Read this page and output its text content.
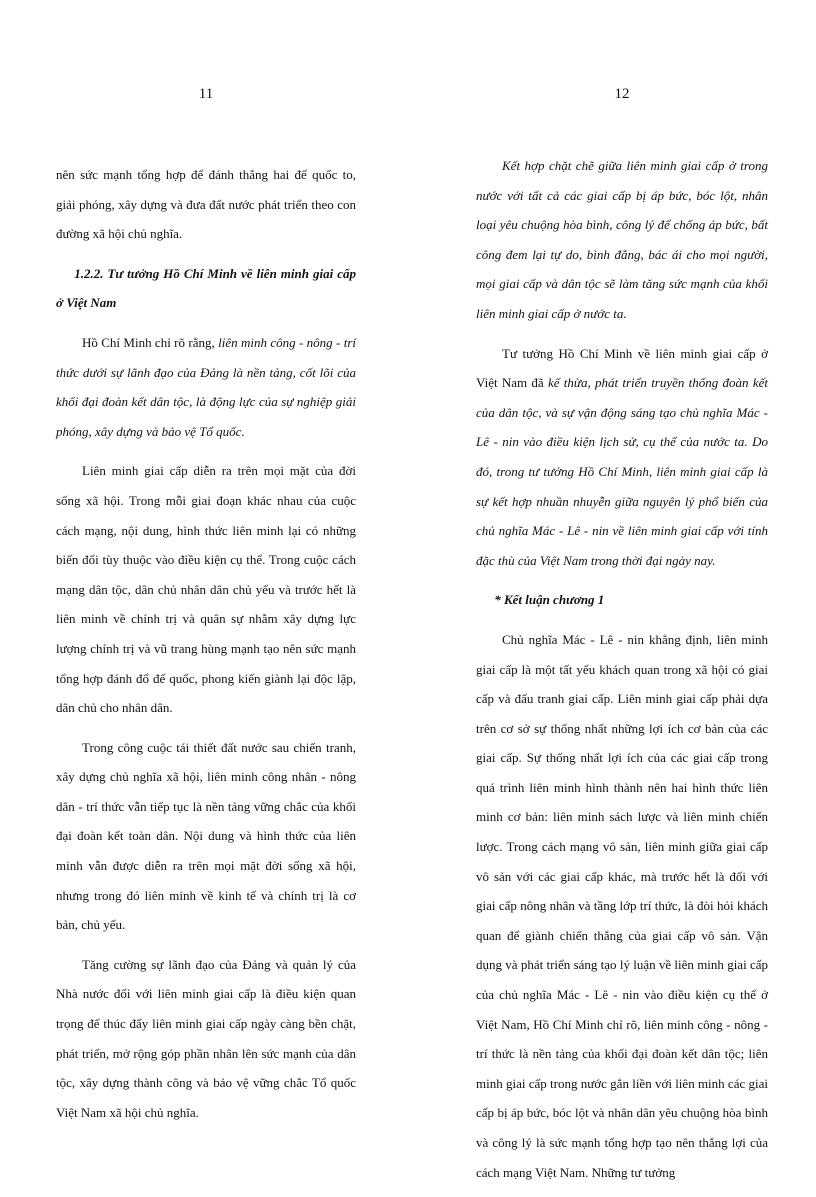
11

nên sức mạnh tổng hợp để đánh thắng hai đế quốc to, giải phóng, xây dựng và đưa đất nước phát triển theo con đường xã hội chủ nghĩa.

1.2.2. Tư tưởng Hồ Chí Minh về liên minh giai cấp ở Việt Nam

Hồ Chí Minh chỉ rõ rằng, liên minh công - nông - trí thức dưới sự lãnh đạo của Đảng là nền tảng, cốt lõi của khối đại đoàn kết dân tộc, là động lực của sự nghiệp giải phóng, xây dựng và bảo vệ Tổ quốc.

Liên minh giai cấp diễn ra trên mọi mặt của đời sống xã hội. Trong mỗi giai đoạn khác nhau của cuộc cách mạng, nội dung, hình thức liên minh lại có những biến đổi tùy thuộc vào điều kiện cụ thể. Trong cuộc cách mạng dân tộc, dân chủ nhân dân chủ yếu và trước hết là liên minh về chính trị và quân sự nhằm xây dựng lực lượng chính trị và vũ trang hùng mạnh tạo nên sức mạnh tổng hợp đánh đổ đế quốc, phong kiến giành lại độc lập, dân chủ cho nhân dân.

Trong công cuộc tái thiết đất nước sau chiến tranh, xây dựng chủ nghĩa xã hội, liên minh công nhân - nông dân - trí thức vẫn tiếp tục là nền tảng vững chắc của khối đại đoàn kết toàn dân. Nội dung và hình thức của liên minh vẫn được diễn ra trên mọi mặt đời sống xã hội, nhưng trong đó liên minh về kinh tế và chính trị là cơ bản, chủ yếu.

Tăng cường sự lãnh đạo của Đảng và quản lý của Nhà nước đối với liên minh giai cấp là điều kiện quan trọng để thúc đẩy liên minh giai cấp ngày càng bền chặt, phát triển, mở rộng góp phần nhân lên sức mạnh của dân tộc, xây dựng thành công và bảo vệ vững chắc Tổ quốc Việt Nam xã hội chủ nghĩa.

12

Kết hợp chặt chẽ giữa liên minh giai cấp ở trong nước với tất cả các giai cấp bị áp bức, bóc lột, nhân loại yêu chuộng hòa bình, công lý để chống áp bức, bất công đem lại tự do, bình đẳng, bác ái cho mọi người, mọi giai cấp và dân tộc sẽ làm tăng sức mạnh của khối liên minh giai cấp ở nước ta.

Tư tưởng Hồ Chí Minh về liên minh giai cấp ở Việt Nam đã kế thừa, phát triển truyền thống đoàn kết của dân tộc, và sự vận động sáng tạo chủ nghĩa Mác - Lê - nin vào điều kiện lịch sử, cụ thể của nước ta. Do đó, trong tư tưởng Hồ Chí Minh, liên minh giai cấp là sự kết hợp nhuần nhuyễn giữa nguyên lý phổ biến của chủ nghĩa Mác - Lê - nin về liên minh giai cấp với tính đặc thù của Việt Nam trong thời đại ngày nay.

* Kết luận chương 1

Chủ nghĩa Mác - Lê - nin khẳng định, liên minh giai cấp là một tất yếu khách quan trong xã hội có giai cấp và đấu tranh giai cấp. Liên minh giai cấp phải dựa trên cơ sở sự thống nhất những lợi ích cơ bản của các giai cấp. Sự thống nhất lợi ích của các giai cấp trong quá trình liên minh hình thành nên hai hình thức liên minh cơ bản: liên minh sách lược và liên minh chiến lược. Trong cách mạng vô sản, liên minh giữa giai cấp vô sản với các giai cấp khác, mà trước hết là đối với giai cấp nông nhân và tầng lớp trí thức, là đòi hỏi khách quan để giành chiến thắng của giai cấp vô sản. Vận dụng và phát triển sáng tạo lý luận về liên minh giai cấp của chủ nghĩa Mác - Lê - nin vào điều kiện cụ thể ở Việt Nam, Hồ Chí Minh chỉ rõ, liên minh công - nông - trí thức là nền tảng của khối đại đoàn kết dân tộc; liên minh giai cấp trong nước gắn liền với liên minh các giai cấp bị áp bức, bóc lột và nhân dân yêu chuộng hòa bình và công lý là sức mạnh tổng hợp tạo nên thắng lợi của cách mạng Việt Nam. Những tư tưởng
